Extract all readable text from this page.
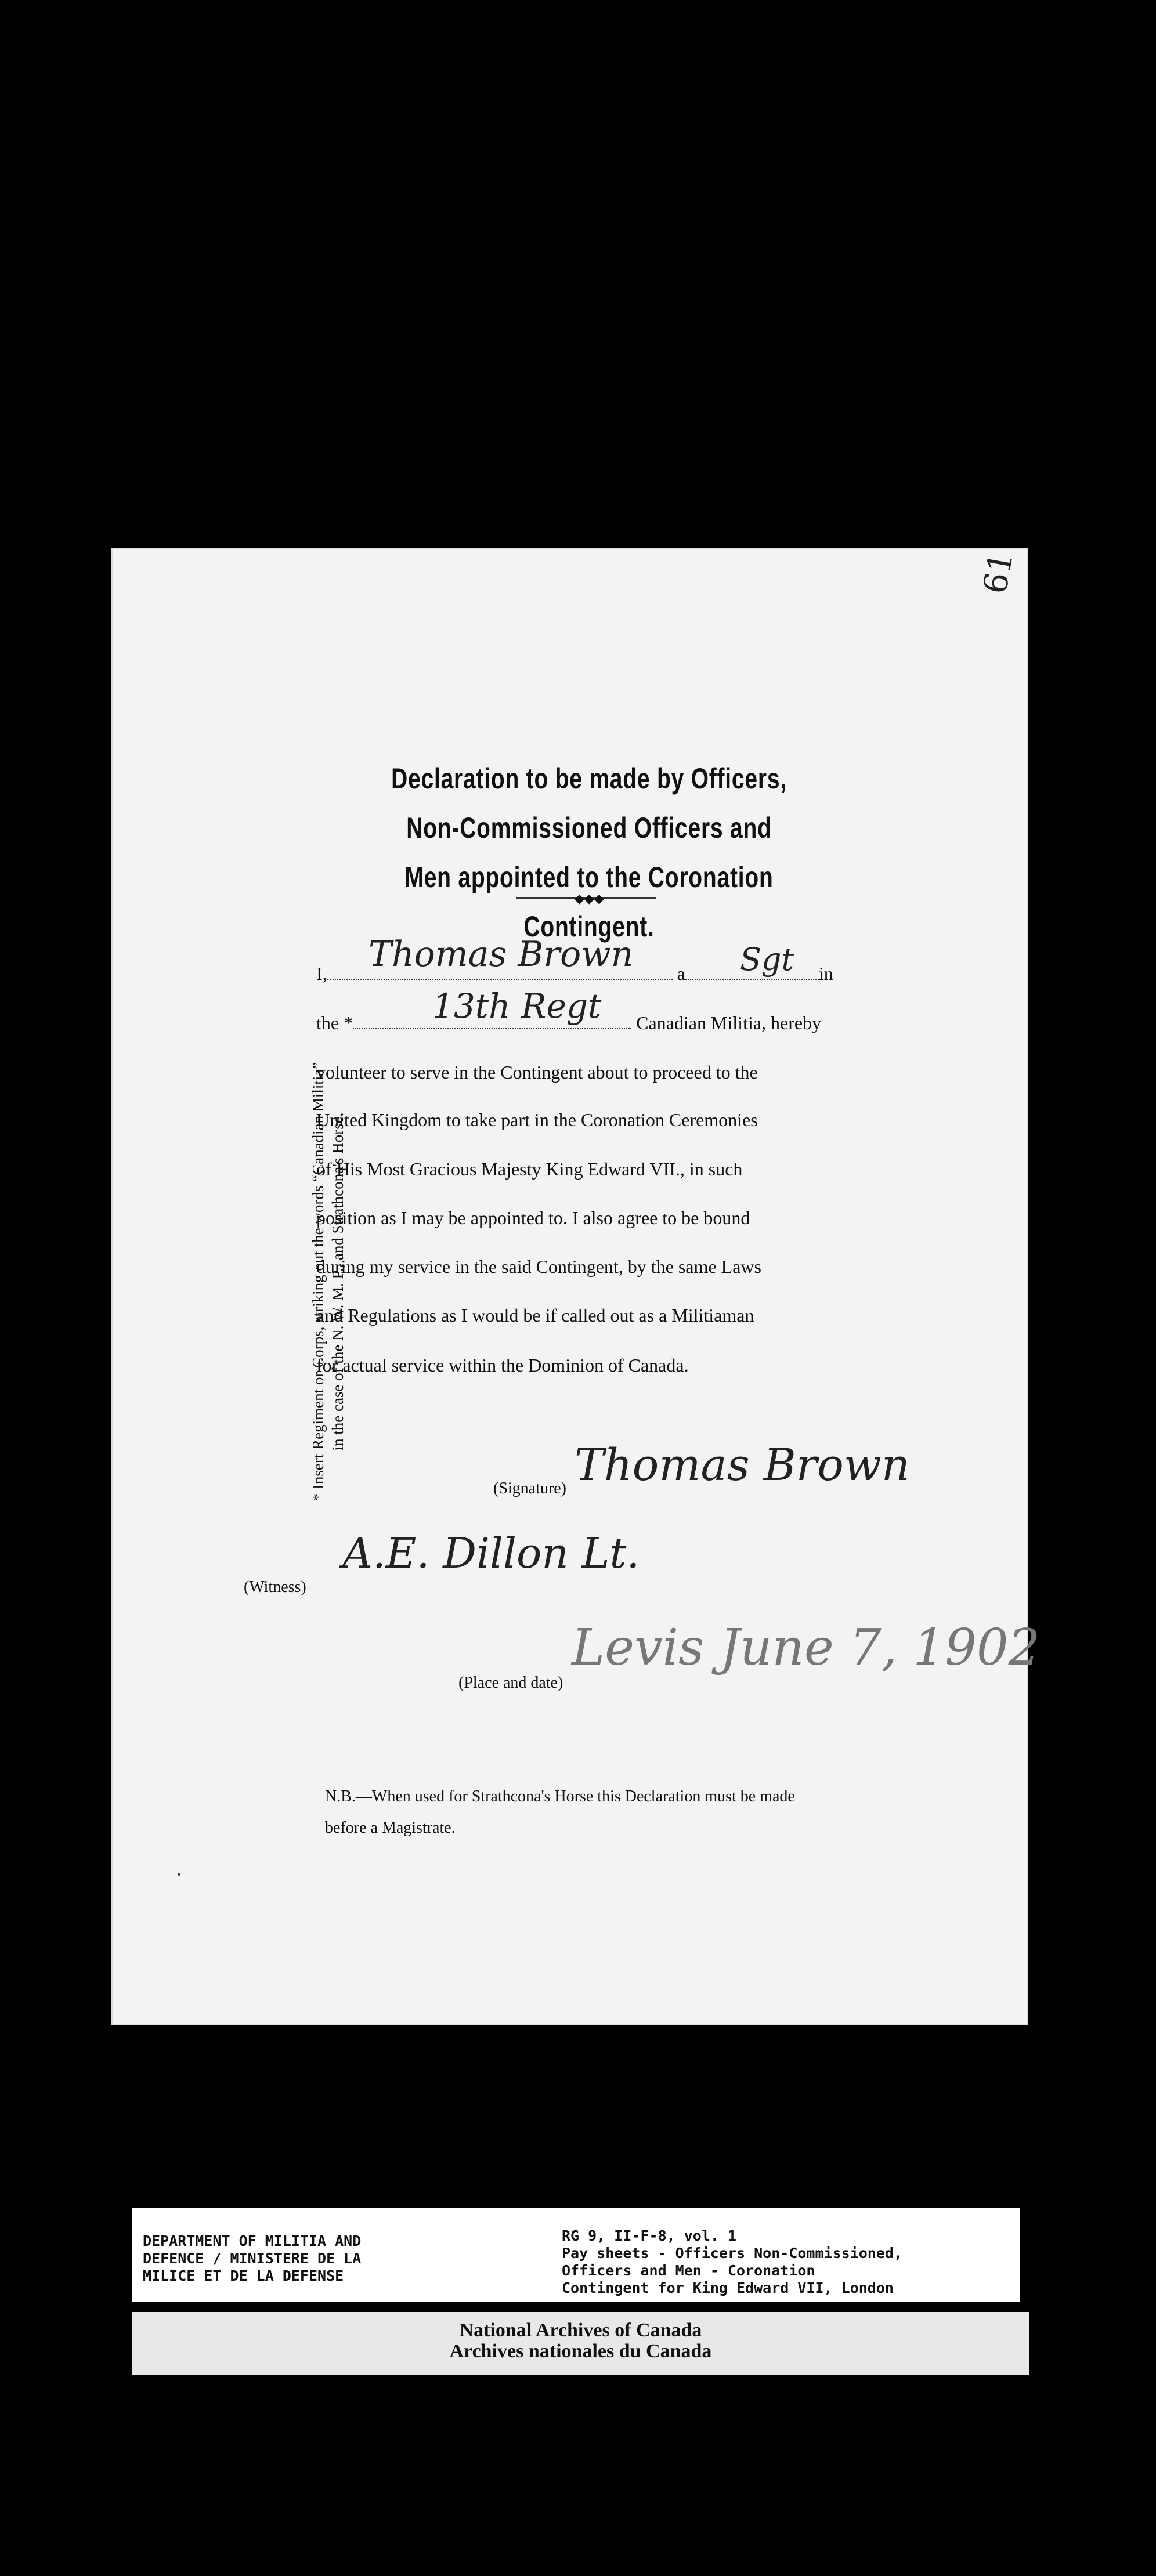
61
Declaration to be made by Officers, Non-Commissioned Officers and
Men appointed to the Coronation Contingent.
◆◆◆
* Insert Regiment or Corps, striking out the words “Canadian Militia” in the case of the N. W. M. P., and Strathcona's Horse.
I,	a	in
Thomas Brown	Sgt
the *	Canadian Militia, hereby
13th Regt
volunteer to serve in the Contingent about to proceed to the
United Kingdom to take part in the Coronation Ceremonies
of His Most Gracious Majesty King Edward VII., in such
position as I may be appointed to. I also agree to be bound
during my service in the said Contingent, by the same Laws
and Regulations as I would be if called out as a Militiaman
for actual service within the Dominion of Canada.
(Signature) Thomas Brown
(Witness)
A.E. Dillon Lt.
(Place and date)
Levis June 7, 1902
N.B.—When used for Strathcona's Horse this Declaration must be made
before a Magistrate.
DEPARTMENT OF MILITIA AND
DEFENCE / MINISTERE DE LA
MILICE ET DE LA DEFENSE
RG 9, II-F-8, vol. 1
Pay sheets - Officers Non-Commissioned,
Officers and Men - Coronation
Contingent for King Edward VII, London
National Archives of Canada
Archives nationales du Canada
